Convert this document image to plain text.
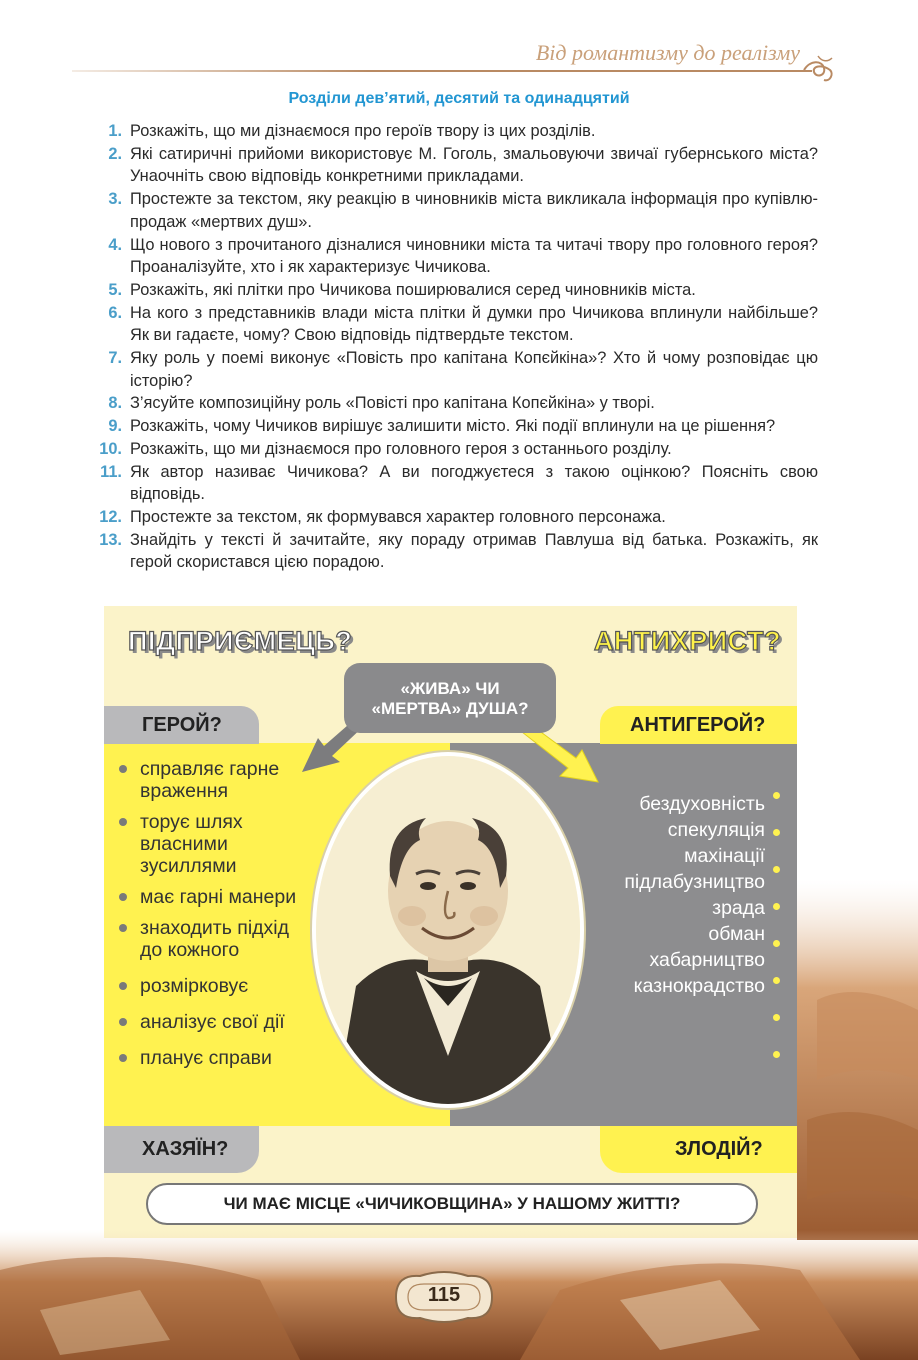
Від романтизму до реалізму
Розділи дев’ятий, десятий та одинадцятий
1. Розкажіть, що ми дізнаємося про героїв твору із цих розділів.
2. Які сатиричні прийоми використовує М. Гоголь, змальовуючи звичаї губернського міста? Унаочніть свою відповідь конкретними прикладами.
3. Простежте за текстом, яку реакцію в чиновників міста викликала інформація про купівлю-продаж «мертвих душ».
4. Що нового з прочитаного дізналися чиновники міста та читачі твору про головного героя? Проаналізуйте, хто і як характеризує Чичикова.
5. Розкажіть, які плітки про Чичикова поширювалися серед чиновників міста.
6. На кого з представників влади міста плітки й думки про Чичикова вплинули найбільше? Як ви гадаєте, чому? Свою відповідь підтвердьте текстом.
7. Яку роль у поемі виконує «Повість про капітана Копєйкіна»? Хто й чому розповідає цю історію?
8. З’ясуйте композиційну роль «Повісті про капітана Копєйкіна» у творі.
9. Розкажіть, чому Чичиков вирішує залишити місто. Які події вплинули на це рішення?
10. Розкажіть, що ми дізнаємося про головного героя з останнього розділу.
11. Як автор називає Чичикова? А ви погоджуєтеся з такою оцінкою? Поясніть свою відповідь.
12. Простежте за текстом, як формувався характер головного персонажа.
13. Знайдіть у тексті й зачитайте, яку пораду отримав Павлуша від батька. Розкажіть, як герой скористався цією порадою.
ПІДПРИЄМЕЦЬ?	АНТИХРИСТ?
ГЕРОЙ?	АНТИГЕРОЙ?
«ЖИВА» ЧИ
«МЕРТВА» ДУША?
справляє гарне враження
торує шлях власними зусиллями
має гарні манери
знаходить підхід до кожного
розмірковує
аналізує свої дії
планує справи
бездуховність
спекуляція
махінації
підлабузництво
зрада
обман
хабарництво
казнокрадство
ХАЗЯЇН?	ЗЛОДІЙ?
ЧИ МАЄ МІСЦЕ «ЧИЧИКОВЩИНА» У НАШОМУ ЖИТТІ?
115
